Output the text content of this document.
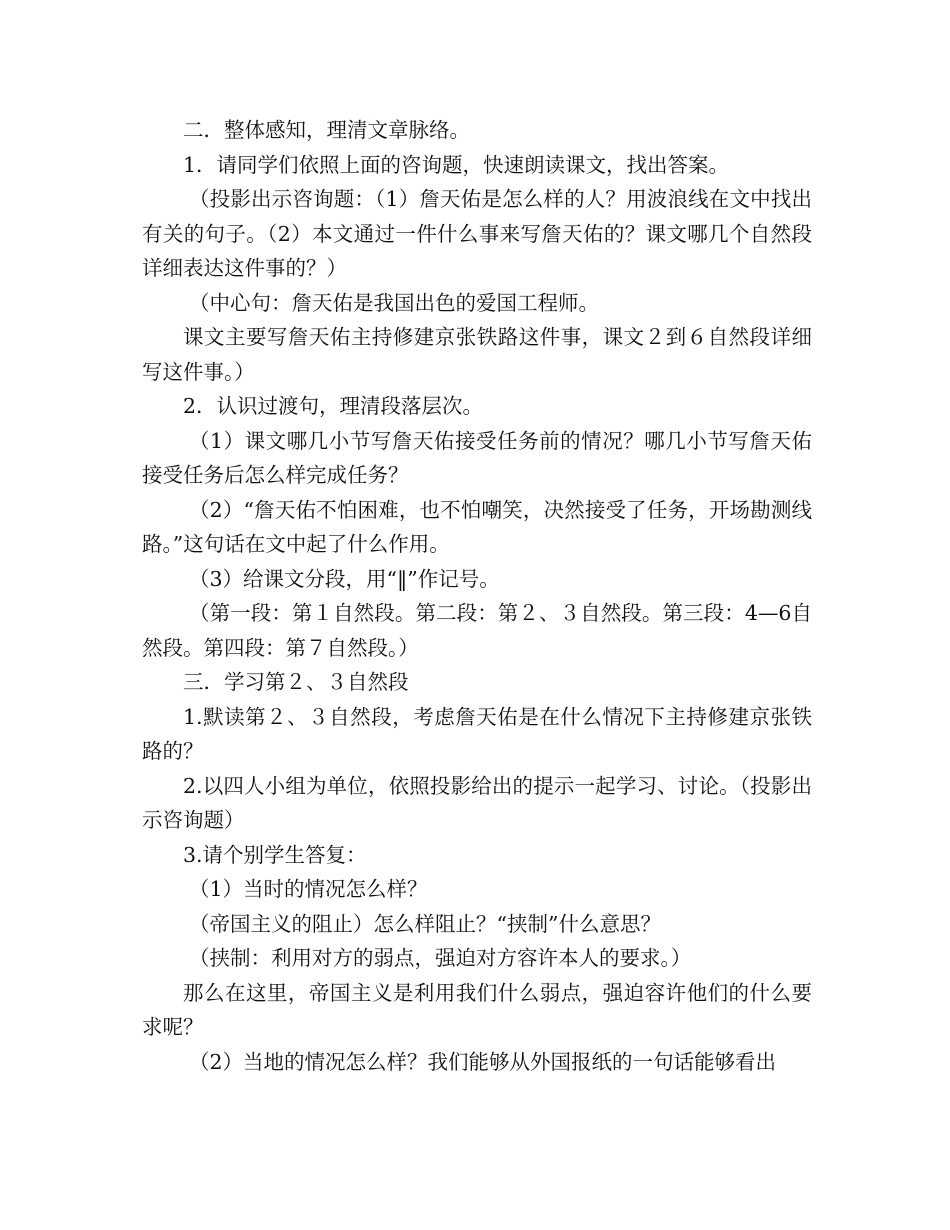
二．整体感知，理清文章脉络。

1．请同学们依照上面的咨询题，快速朗读课文，找出答案。

（投影出示咨询题：（1）詹天佑是怎么样的人？用波浪线在文中找出有关的句子。（2）本文通过一件什么事来写詹天佑的？课文哪几个自然段详细表达这件事的？）

（中心句：詹天佑是我国出色的爱国工程师。

课文主要写詹天佑主持修建京张铁路这件事，课文２到６自然段详细写这件事。）

2．认识过渡句，理清段落层次。

（1）课文哪几小节写詹天佑接受任务前的情况？哪几小节写詹天佑接受任务后怎么样完成任务？

（2）“詹天佑不怕困难，也不怕嘲笑，决然接受了任务，开场勘测线路。”这句话在文中起了什么作用。

（3）给课文分段，用“‖”作记号。

（第一段：第１自然段。第二段：第２、３自然段。第三段：4—6自然段。第四段：第７自然段。）

三．学习第２、３自然段

1.默读第２、３自然段，考虑詹天佑是在什么情况下主持修建京张铁路的？

2.以四人小组为单位，依照投影给出的提示一起学习、讨论。（投影出示咨询题）

3.请个别学生答复：

（1）当时的情况怎么样？

（帝国主义的阻止）怎么样阻止？“挟制”什么意思？

（挟制：利用对方的弱点，强迫对方容许本人的要求。）

那么在这里，帝国主义是利用我们什么弱点，强迫容许他们的什么要求呢？

（2）当地的情况怎么样？我们能够从外国报纸的一句话能够看出
